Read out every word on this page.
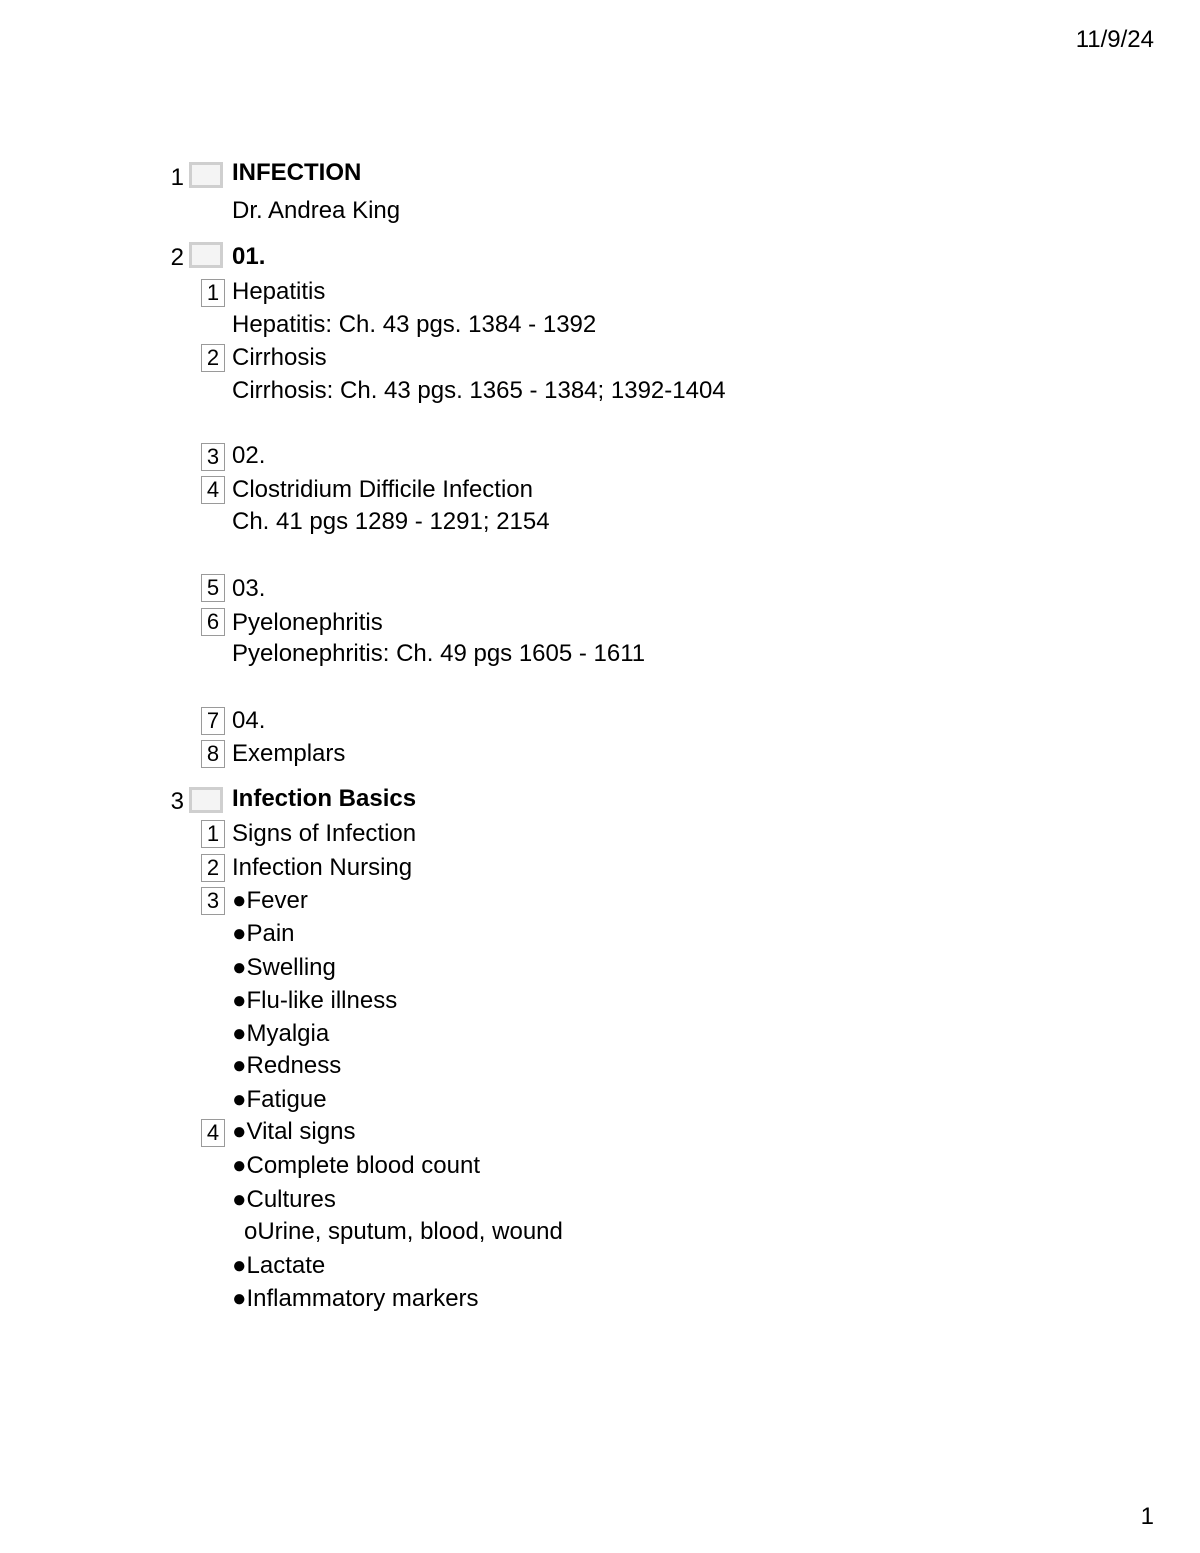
11/9/24
1
1 INFECTION
Dr. Andrea King
2 01.
1 Hepatitis
Hepatitis: Ch. 43 pgs. 1384 - 1392
2 Cirrhosis
Cirrhosis: Ch. 43 pgs. 1365 - 1384; 1392-1404
3 02.
4 Clostridium Difficile Infection
Ch. 41 pgs 1289 - 1291; 2154
5 03.
6 Pyelonephritis
Pyelonephritis: Ch. 49 pgs 1605 - 1611
7 04.
8 Exemplars
3 Infection Basics
1 Signs of Infection
2 Infection Nursing
3 ●Fever
●Pain
●Swelling
●Flu-like illness
●Myalgia
●Redness
●Fatigue
4 ●Vital signs
●Complete blood count
●Cultures
oUrine, sputum, blood, wound
●Lactate
●Inflammatory markers
